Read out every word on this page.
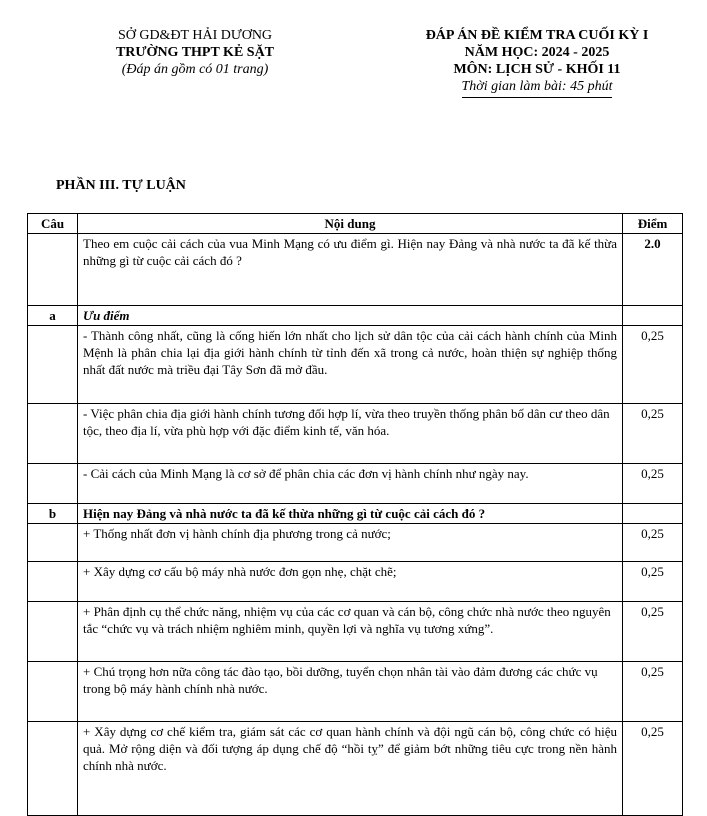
SỞ GD&ĐT HẢI DƯƠNG
TRƯỜNG THPT KẺ SẶT
(Đáp án gồm có 01 trang)
ĐÁP ÁN ĐỀ KIỂM TRA CUỐI KỲ I
NĂM HỌC: 2024 - 2025
MÔN: LỊCH SỬ - KHỐI 11
Thời gian làm bài: 45 phút
PHẦN III. TỰ LUẬN
Câu	Nội dung	Điểm
	Theo em cuộc cải cách của vua Minh Mạng có ưu điểm gì. Hiện nay Đảng và nhà nước ta đã kế thừa những gì từ cuộc cải cách đó ?	2.0
a	Ưu điểm	
	- Thành công nhất, cũng là cống hiến lớn nhất cho lịch sử dân tộc của cải cách hành chính của Minh Mệnh là phân chia lại địa giới hành chính từ tỉnh đến xã trong cả nước, hoàn thiện sự nghiệp thống nhất đất nước mà triều đại Tây Sơn đã mở đầu.	0,25
	- Việc phân chia địa giới hành chính tương đối hợp lí, vừa theo truyền thống phân bố dân cư theo dân tộc, theo địa lí, vừa phù hợp với đặc điểm kinh tế, văn hóa.	0,25
	- Cải cách của Minh Mạng là cơ sở để phân chia các đơn vị hành chính như ngày nay.	0,25
b	Hiện nay Đảng và nhà nước ta đã kế thừa những gì từ cuộc cải cách đó ?	
	+ Thống nhất đơn vị hành chính địa phương trong cả nước;	0,25
	+ Xây dựng cơ cấu bộ máy nhà nước đơn gọn nhẹ, chặt chẽ;	0,25
	+ Phân định cụ thể chức năng, nhiệm vụ của các cơ quan và cán bộ, công chức nhà nước theo nguyên tắc “chức vụ và trách nhiệm nghiêm minh, quyền lợi và nghĩa vụ tương xứng”.	0,25
	+ Chú trọng hơn nữa công tác đào tạo, bồi dưỡng, tuyển chọn nhân tài vào đảm đương các chức vụ trong bộ máy hành chính nhà nước.	0,25
	+ Xây dựng cơ chế kiểm tra, giám sát các cơ quan hành chính và đội ngũ cán bộ, công chức có hiệu quả. Mở rộng diện và đối tượng áp dụng chế độ “hồi tỵ” để giảm bớt những tiêu cực trong nền hành chính nhà nước.	0,25
